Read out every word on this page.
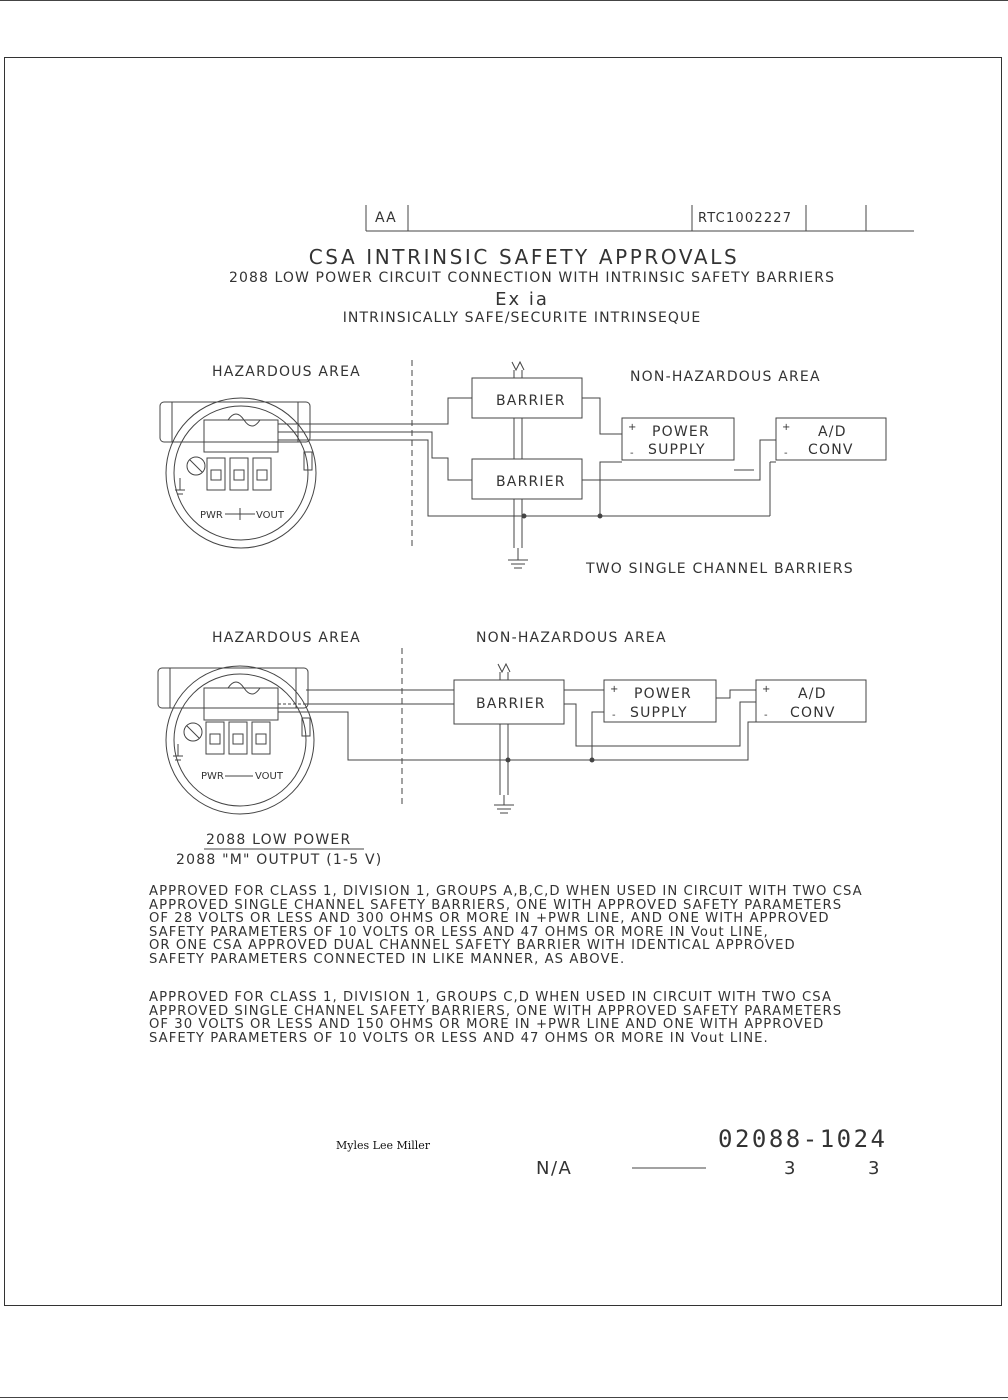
AA	RTC1002227
CSA INTRINSIC SAFETY APPROVALS
2088 LOW POWER CIRCUIT CONNECTION WITH INTRINSIC SAFETY BARRIERS
Ex ia
INTRINSICALLY SAFE/SECURITE INTRINSEQUE
HAZARDOUS AREA	NON-HAZARDOUS AREA
PWR	VOUT
BARRIER
BARRIER
POWER
SUPPLY
+
-
A/D
CONV
+
-
TWO SINGLE CHANNEL BARRIERS
HAZARDOUS AREA	NON-HAZARDOUS AREA
PWR	VOUT
BARRIER
POWER
SUPPLY
+
-
A/D
CONV
+
-
2088 LOW POWER
2088 "M" OUTPUT (1-5 V)
02088-1024
N/A	3	3
APPROVED FOR CLASS 1, DIVISION 1, GROUPS A,B,C,D WHEN USED IN CIRCUIT WITH TWO CSA
APPROVED SINGLE CHANNEL SAFETY BARRIERS, ONE WITH APPROVED SAFETY PARAMETERS
OF 28 VOLTS OR LESS AND 300 OHMS OR MORE IN +PWR LINE, AND ONE WITH APPROVED
SAFETY PARAMETERS OF 10 VOLTS OR LESS AND 47 OHMS OR MORE IN Vout LINE,
OR ONE CSA APPROVED DUAL CHANNEL SAFETY BARRIER WITH IDENTICAL APPROVED
SAFETY PARAMETERS CONNECTED IN LIKE MANNER, AS ABOVE.
APPROVED FOR CLASS 1, DIVISION 1, GROUPS C,D WHEN USED IN CIRCUIT WITH TWO CSA
APPROVED SINGLE CHANNEL SAFETY BARRIERS, ONE WITH APPROVED SAFETY PARAMETERS
OF 30 VOLTS OR LESS AND 150 OHMS OR MORE IN +PWR LINE AND ONE WITH APPROVED
SAFETY PARAMETERS OF 10 VOLTS OR LESS AND 47 OHMS OR MORE IN Vout LINE.
Myles Lee Miller
